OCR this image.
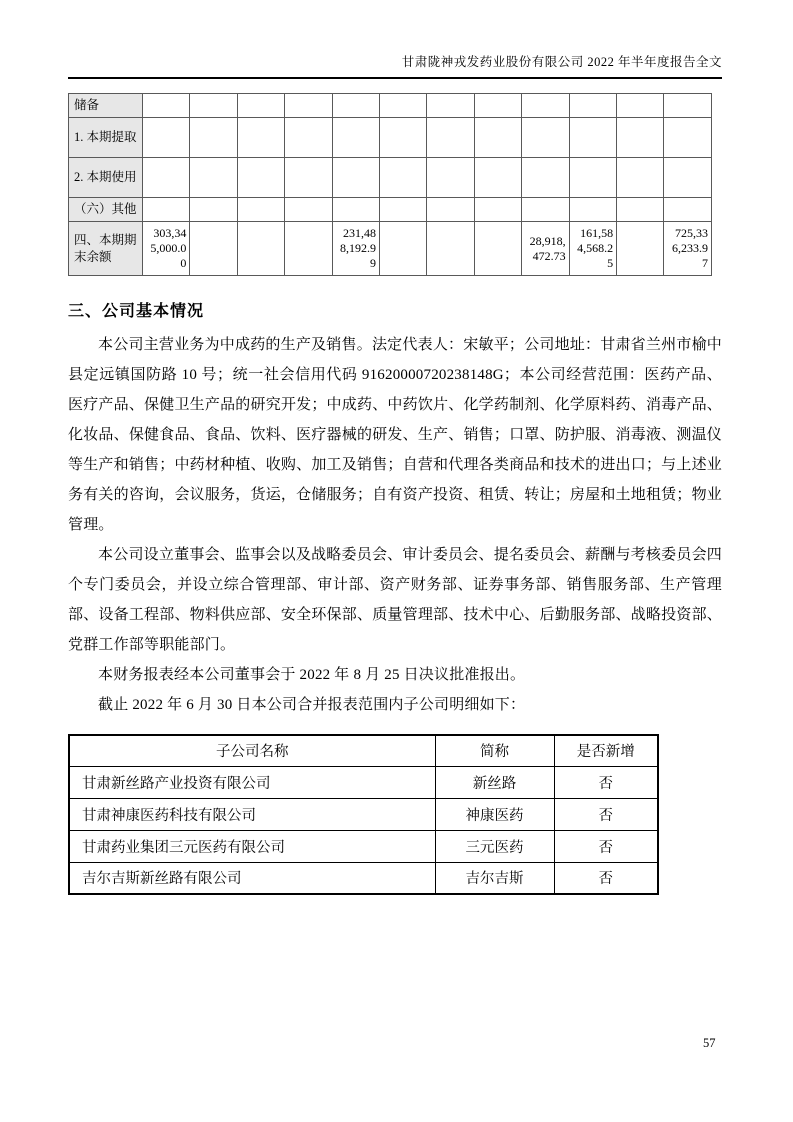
甘肃陇神戎发药业股份有限公司 2022 年半年度报告全文
储备												
1. 本期提取												
2. 本期使用												
（六）其他												
四、本期期末余额	303,345,000.00				231,488,192.99				28,918,472.73	161,584,568.25		725,336,233.97
三、公司基本情况

本公司主营业务为中成药的生产及销售。法定代表人：宋敏平；公司地址：甘肃省兰州市榆中县定远镇国防路 10 号；统一社会信用代码 91620000720238148G；本公司经营范围：医药产品、医疗产品、保健卫生产品的研究开发；中成药、中药饮片、化学药制剂、化学原料药、消毒产品、化妆品、保健食品、食品、饮料、医疗器械的研发、生产、销售；口罩、防护服、消毒液、测温仪等生产和销售；中药材种植、收购、加工及销售；自营和代理各类商品和技术的进出口；与上述业务有关的咨询，会议服务，货运，仓储服务；自有资产投资、租赁、转让；房屋和土地租赁；物业管理。

本公司设立董事会、监事会以及战略委员会、审计委员会、提名委员会、薪酬与考核委员会四个专门委员会，并设立综合管理部、审计部、资产财务部、证券事务部、销售服务部、生产管理部、设备工程部、物料供应部、安全环保部、质量管理部、技术中心、后勤服务部、战略投资部、党群工作部等职能部门。

本财务报表经本公司董事会于 2022 年 8 月 25 日决议批准报出。

截止 2022 年 6 月 30 日本公司合并报表范围内子公司明细如下：

子公司名称	简称	是否新增
甘肃新丝路产业投资有限公司	新丝路	否
甘肃神康医药科技有限公司	神康医药	否
甘肃药业集团三元医药有限公司	三元医药	否
吉尔吉斯新丝路有限公司	吉尔吉斯	否
57
